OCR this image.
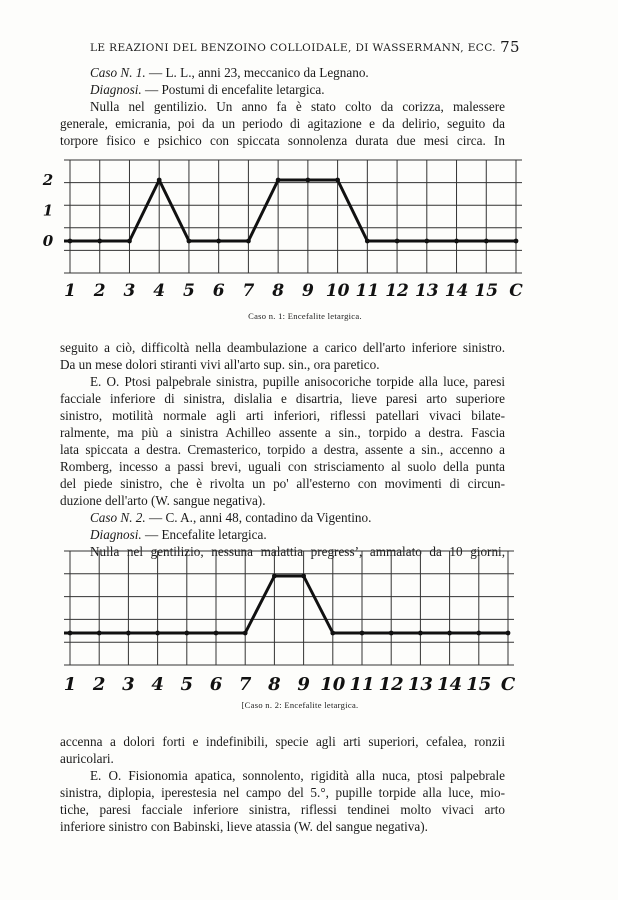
LE REAZIONI DEL BENZOINO COLLOIDALE, DI WASSERMANN, ECC. 75
Caso N. 1. — L. L., anni 23, meccanico da Legnano.
Diagnosi. — Postumi di encefalite letargica.
Nulla nel gentilizio. Un anno fa è stato colto da corizza, malessere
generale, emicrania, poi da un periodo di agitazione e da delirio, seguito da
torpore fisico e psichico con spiccata sonnolenza durata due mesi circa. In
1 2 3 4 5 6 7 8 9 10 11 12 13 14 15 C
0
1
2
Caso n. 1: Encefalite letargica.
seguito a ciò, difficoltà nella deambulazione a carico dell'arto inferiore sinistro.
Da un mese dolori stiranti vivi all'arto sup. sin., ora paretico.
E. O. Ptosi palpebrale sinistra, pupille anisocoriche torpide alla luce, paresi
facciale inferiore di sinistra, dislalia e disartria, lieve paresi arto superiore
sinistro, motilità normale agli arti inferiori, riflessi patellari vivaci bilate-
ralmente, ma più a sinistra Achilleo assente a sin., torpido a destra. Fascia
lata spiccata a destra. Cremasterico, torpido a destra, assente a sin., accenno a
Romberg, incesso a passi brevi, uguali con strisciamento al suolo della punta
del piede sinistro, che è rivolta un po' all'esterno con movimenti di circun-
duzione dell'arto (W. sangue negativa).
Caso N. 2. — C. A., anni 48, contadino da Vigentino.
Diagnosi. — Encefalite letargica.
Nulla nel gentilizio, nessuna malattia pregress’, ammalato da 10 giorni,
1 2 3 4 5 6 7 8 9 10 11 12 13 14 15 C
[Caso n. 2: Encefalite letargica.
accenna a dolori forti e indefinibili, specie agli arti superiori, cefalea, ronzii
auricolari.
E. O. Fisionomia apatica, sonnolento, rigidità alla nuca, ptosi palpebrale
sinistra, diplopia, iperestesia nel campo del 5.°, pupille torpide alla luce, mio-
tiche, paresi facciale inferiore sinistra, riflessi tendinei molto vivaci arto
inferiore sinistro con Babinski, lieve atassia (W. del sangue negativa).
